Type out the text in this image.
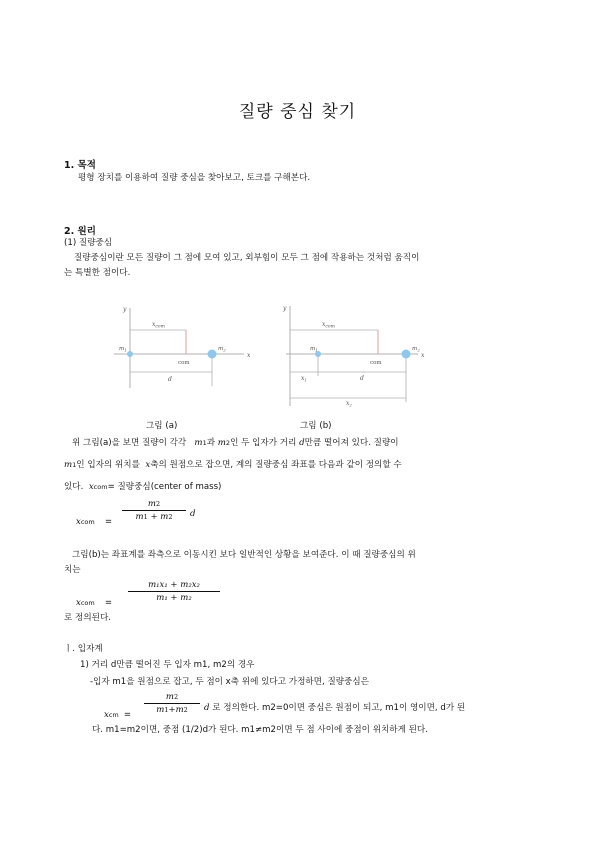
질량 중심 찾기
1. 목적
평형 장치를 이용하여 질량 중심을 찾아보고, 토크를 구해본다.
2. 원리
(1) 질량중심
질량중심이란 모든 질량이 그 점에 모여 있고, 외부힘이 모두 그 점에 작용하는 것처럼 움직이
는 특별한 점이다.
y
x
$x_{com}$
com
$m_1$	$m_2$
d
y
x
$x_{com}$
com
$m_1$	$m_2$
$x_1$	d
$x_2$
그림 (a)	그림 (b)
위 그림(a)을 보면 질량이 각각 m1과 m2인 두 입자가 거리 d만큼 떨어져 있다. 질량이
m1인 입자의 위치를 x축의 원점으로 잡으면, 계의 질량중심 좌표를 다음과 같이 정의할 수
있다. xcom= 질량중심(center of mass)
xcom =
m2
m1 + m2	d
그림(b)는 좌표계를 좌측으로 이동시킨 보다 일반적인 상황을 보여준다. 이 때 질량중심의 위
치는
xcom =
m₁x₁ + m₂x₂
m₁ + m₂
로 정의된다.
ㅣ. 입자계
1) 거리 d만큼 떨어진 두 입자 m1, m2의 경우
-입자 m1을 원점으로 잡고, 두 점이 x축 위에 있다고 가정하면, 질량중심은
xcm =
m2
m1+m2	d 로 정의한다. m2=0이면 중심은 원점이 되고, m1이 영이면, d가 된
다. m1=m2이면, 중점 (1/2)d가 된다. m1≠m2이면 두 점 사이에 중점이 위치하게 된다.
